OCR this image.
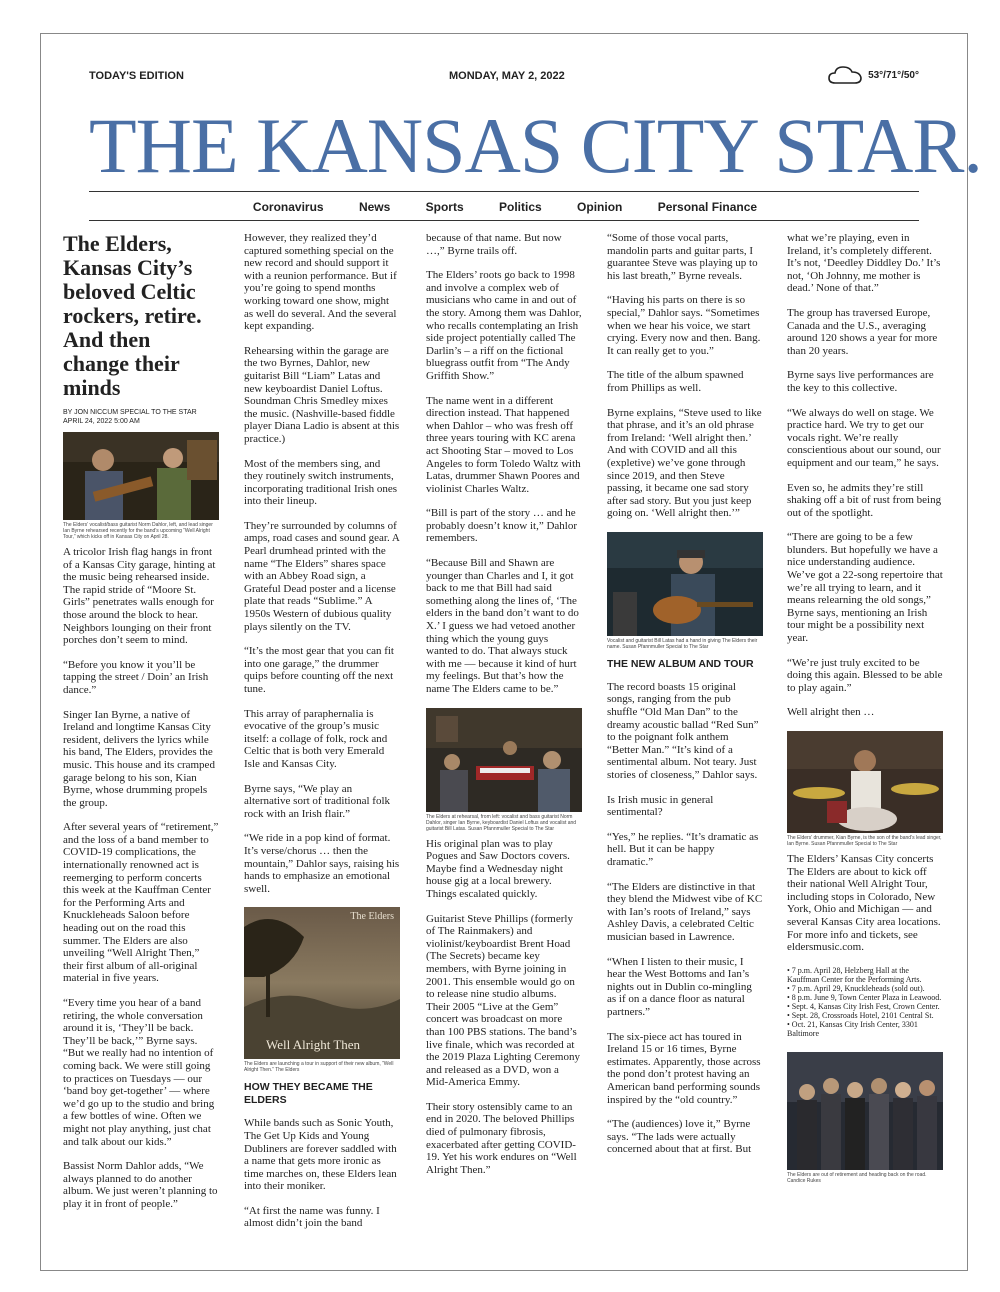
TODAY'S EDITION	MONDAY, MAY 2, 2022	53°/71°/50°
THE KANSAS CITY STAR.
Coronavirus	News	Sports	Politics	Opinion	Personal Finance
The Elders, Kansas City’s beloved Celtic rockers, retire. And then change their minds
BY JON NICCUM SPECIAL TO THE STAR
APRIL 24, 2022 5:00 AM
The Elders’ vocalist/bass guitarist Norm Dahlor, left, and lead singer Ian Byrne rehearsed recently for the band’s upcoming “Well Alright Tour,” which kicks off in Kansas City on April 28.

A tricolor Irish flag hangs in front of a Kansas City garage, hinting at the music being rehearsed inside. The rapid stride of “Moore St. Girls” penetrates walls enough for those around the block to hear. Neighbors lounging on their front porches don’t seem to mind.

“Before you know it you’ll be tapping the street / Doin’ an Irish dance.”

Singer Ian Byrne, a native of Ireland and longtime Kansas City resident, delivers the lyrics while his band, The Elders, provides the music. This house and its cramped garage belong to his son, Kian Byrne, whose drumming propels the group.

After several years of “retirement,” and the loss of a band member to COVID-19 complications, the internationally renowned act is reemerging to perform concerts this week at the Kauffman Center for the Performing Arts and Knuckleheads Saloon before heading out on the road this summer. The Elders are also unveiling “Well Alright Then,” their first album of all-original material in five years.

“Every time you hear of a band retiring, the whole conversation around it is, ‘They’ll be back. They’ll be back,’” Byrne says. “But we really had no intention of coming back. We were still going to practices on Tuesdays — our ‘band boy get-together’ — where we’d go up to the studio and bring a few bottles of wine. Often we might not play anything, just chat and talk about our kids.”

Bassist Norm Dahlor adds, “We always planned to do another album. We just weren’t planning to play it in front of people.”

However, they realized they’d captured something special on the new record and should support it with a reunion performance. But if you’re going to spend months working toward one show, might as well do several. And the several kept expanding.

Rehearsing within the garage are the two Byrnes, Dahlor, new guitarist Bill “Liam” Latas and new keyboardist Daniel Loftus. Soundman Chris Smedley mixes the music. (Nashville-based fiddle player Diana Ladio is absent at this practice.)

Most of the members sing, and they routinely switch instruments, incorporating traditional Irish ones into their lineup.

They’re surrounded by columns of amps, road cases and sound gear. A Pearl drumhead printed with the name “The Elders” shares space with an Abbey Road sign, a Grateful Dead poster and a license plate that reads “Sublime.” A 1950s Western of dubious quality plays silently on the TV.

“It’s the most gear that you can fit into one garage,” the drummer quips before counting off the next tune.

This array of paraphernalia is evocative of the group’s music itself: a collage of folk, rock and Celtic that is both very Emerald Isle and Kansas City.

Byrne says, “We play an alternative sort of traditional folk rock with an Irish flair.”

“We ride in a pop kind of format. It’s verse/chorus … then the mountain,” Dahlor says, raising his hands to emphasize an emotional swell.

The Elders
Well Alright Then
The Elders are launching a tour in support of their new album, “Well Alright Then.” The Elders
HOW THEY BECAME THE ELDERS

While bands such as Sonic Youth, The Get Up Kids and Young Dubliners are forever saddled with a name that gets more ironic as time marches on, these Elders lean into their moniker.

“At first the name was funny. I almost didn’t join the band

because of that name. But now …,” Byrne trails off.

The Elders’ roots go back to 1998 and involve a complex web of musicians who came in and out of the story. Among them was Dahlor, who recalls contemplating an Irish side project potentially called The Darlin’s – a riff on the fictional bluegrass outfit from “The Andy Griffith Show.”

The name went in a different direction instead. That happened when Dahlor – who was fresh off three years touring with KC arena act Shooting Star – moved to Los Angeles to form Toledo Waltz with Latas, drummer Shawn Poores and violinist Charles Waltz.

“Bill is part of the story … and he probably doesn’t know it,” Dahlor remembers.

“Because Bill and Shawn are younger than Charles and I, it got back to me that Bill had said something along the lines of, ‘The elders in the band don’t want to do X.’ I guess we had vetoed another thing which the young guys wanted to do. That always stuck with me — because it kind of hurt my feelings. But that’s how the name The Elders came to be.”

The Elders at rehearsal, from left: vocalist and bass guitarist Norm Dahlor, singer Ian Byrne, keyboardist Daniel Loftus and vocalist and guitarist Bill Latas. Susan Pfannmuller Special to The Star

His original plan was to play Pogues and Saw Doctors covers. Maybe find a Wednesday night house gig at a local brewery. Things escalated quickly.

Guitarist Steve Phillips (formerly of The Rainmakers) and violinist/keyboardist Brent Hoad (The Secrets) became key members, with Byrne joining in 2001. This ensemble would go on to release nine studio albums. Their 2005 “Live at the Gem” concert was broadcast on more than 100 PBS stations. The band’s live finale, which was recorded at the 2019 Plaza Lighting Ceremony and released as a DVD, won a Mid-America Emmy.

Their story ostensibly came to an end in 2020. The beloved Phillips died of pulmonary fibrosis, exacerbated after getting COVID-19. Yet his work endures on “Well Alright Then.”

“Some of those vocal parts, mandolin parts and guitar parts, I guarantee Steve was playing up to his last breath,” Byrne reveals.

“Having his parts on there is so special,” Dahlor says. “Sometimes when we hear his voice, we start crying. Every now and then. Bang. It can really get to you.”

The title of the album spawned from Phillips as well.

Byrne explains, “Steve used to like that phrase, and it’s an old phrase from Ireland: ‘Well alright then.’ And with COVID and all this (expletive) we’ve gone through since 2019, and then Steve passing, it became one sad story after sad story. But you just keep going on. ‘Well alright then.’”

Vocalist and guitarist Bill Latas had a hand in giving The Elders their name. Susan Pfannmuller Special to The Star
THE NEW ALBUM AND TOUR

The record boasts 15 original songs, ranging from the pub shuffle “Old Man Dan” to the dreamy acoustic ballad “Red Sun” to the poignant folk anthem “Better Man.” “It’s kind of a sentimental album. Not teary. Just stories of closeness,” Dahlor says.

Is Irish music in general sentimental?

“Yes,” he replies. “It’s dramatic as hell. But it can be happy dramatic.”

“The Elders are distinctive in that they blend the Midwest vibe of KC with Ian’s roots of Ireland,” says Ashley Davis, a celebrated Celtic musician based in Lawrence.

“When I listen to their music, I hear the West Bottoms and Ian’s nights out in Dublin co-mingling as if on a dance floor as natural partners.”

The six-piece act has toured in Ireland 15 or 16 times, Byrne estimates. Apparently, those across the pond don’t protest having an American band performing sounds inspired by the “old country.”

“The (audiences) love it,” Byrne says. “The lads were actually concerned about that at first. But

what we’re playing, even in Ireland, it’s completely different. It’s not, ‘Deedley Diddley Do.’ It’s not, ‘Oh Johnny, me mother is dead.’ None of that.”

The group has traversed Europe, Canada and the U.S., averaging around 120 shows a year for more than 20 years.

Byrne says live performances are the key to this collective.

“We always do well on stage. We practice hard. We try to get our vocals right. We’re really conscientious about our sound, our equipment and our team,” he says.

Even so, he admits they’re still shaking off a bit of rust from being out of the spotlight.

“There are going to be a few blunders. But hopefully we have a nice understanding audience. We’ve got a 22-song repertoire that we’re all trying to learn, and it means relearning the old songs,” Byrne says, mentioning an Irish tour might be a possibility next year.

“We’re just truly excited to be doing this again. Blessed to be able to play again.”

Well alright then …

The Elders’ drummer, Kian Byrne, is the son of the band’s lead singer, Ian Byrne. Susan Pfannmuller Special to The Star

The Elders’ Kansas City concerts The Elders are about to kick off their national Well Alright Tour, including stops in Colorado, New York, Ohio and Michigan — and several Kansas City area locations. For more info and tickets, see eldersmusic.com.

• 7 p.m. April 28, Helzberg Hall at the Kauffman Center for the Performing Arts.
• 7 p.m. April 29, Knuckleheads (sold out).
• 8 p.m. June 9, Town Center Plaza in Leawood.
• Sept. 4, Kansas City Irish Fest, Crown Center.
• Sept. 28, Crossroads Hotel, 2101 Central St.
• Oct. 21, Kansas City Irish Center, 3301 Baltimore
The Elders are out of retirement and heading back on the road. Candice Rukes
